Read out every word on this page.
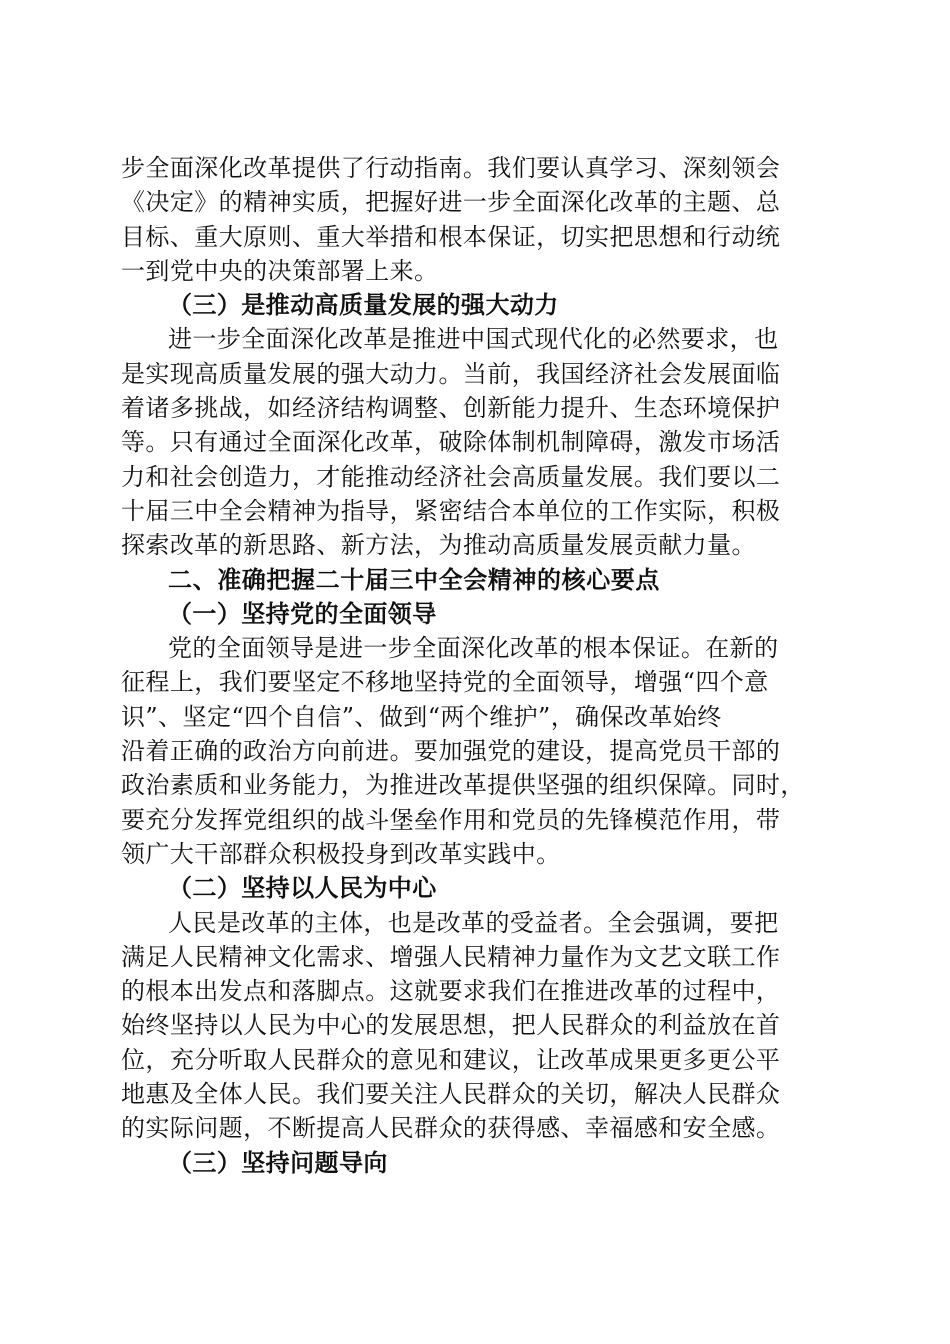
步全面深化改革提供了行动指南。我们要认真学习、深刻领会
《决定》的精神实质，把握好进一步全面深化改革的主题、总
目标、重大原则、重大举措和根本保证，切实把思想和行动统
一到党中央的决策部署上来。
（三）是推动高质量发展的强大动力
进一步全面深化改革是推进中国式现代化的必然要求，也
是实现高质量发展的强大动力。当前，我国经济社会发展面临
着诸多挑战，如经济结构调整、创新能力提升、生态环境保护
等。只有通过全面深化改革，破除体制机制障碍，激发市场活
力和社会创造力，才能推动经济社会高质量发展。我们要以二
十届三中全会精神为指导，紧密结合本单位的工作实际，积极
探索改革的新思路、新方法，为推动高质量发展贡献力量。
二、准确把握二十届三中全会精神的核心要点
（一）坚持党的全面领导
党的全面领导是进一步全面深化改革的根本保证。在新的
征程上，我们要坚定不移地坚持党的全面领导，增强“四个意
识”、坚定“四个自信”、做到“两个维护”，确保改革始终
沿着正确的政治方向前进。要加强党的建设，提高党员干部的
政治素质和业务能力，为推进改革提供坚强的组织保障。同时，
要充分发挥党组织的战斗堡垒作用和党员的先锋模范作用，带
领广大干部群众积极投身到改革实践中。
（二）坚持以人民为中心
人民是改革的主体，也是改革的受益者。全会强调，要把
满足人民精神文化需求、增强人民精神力量作为文艺文联工作
的根本出发点和落脚点。这就要求我们在推进改革的过程中，
始终坚持以人民为中心的发展思想，把人民群众的利益放在首
位，充分听取人民群众的意见和建议，让改革成果更多更公平
地惠及全体人民。我们要关注人民群众的关切，解决人民群众
的实际问题，不断提高人民群众的获得感、幸福感和安全感。
（三）坚持问题导向
